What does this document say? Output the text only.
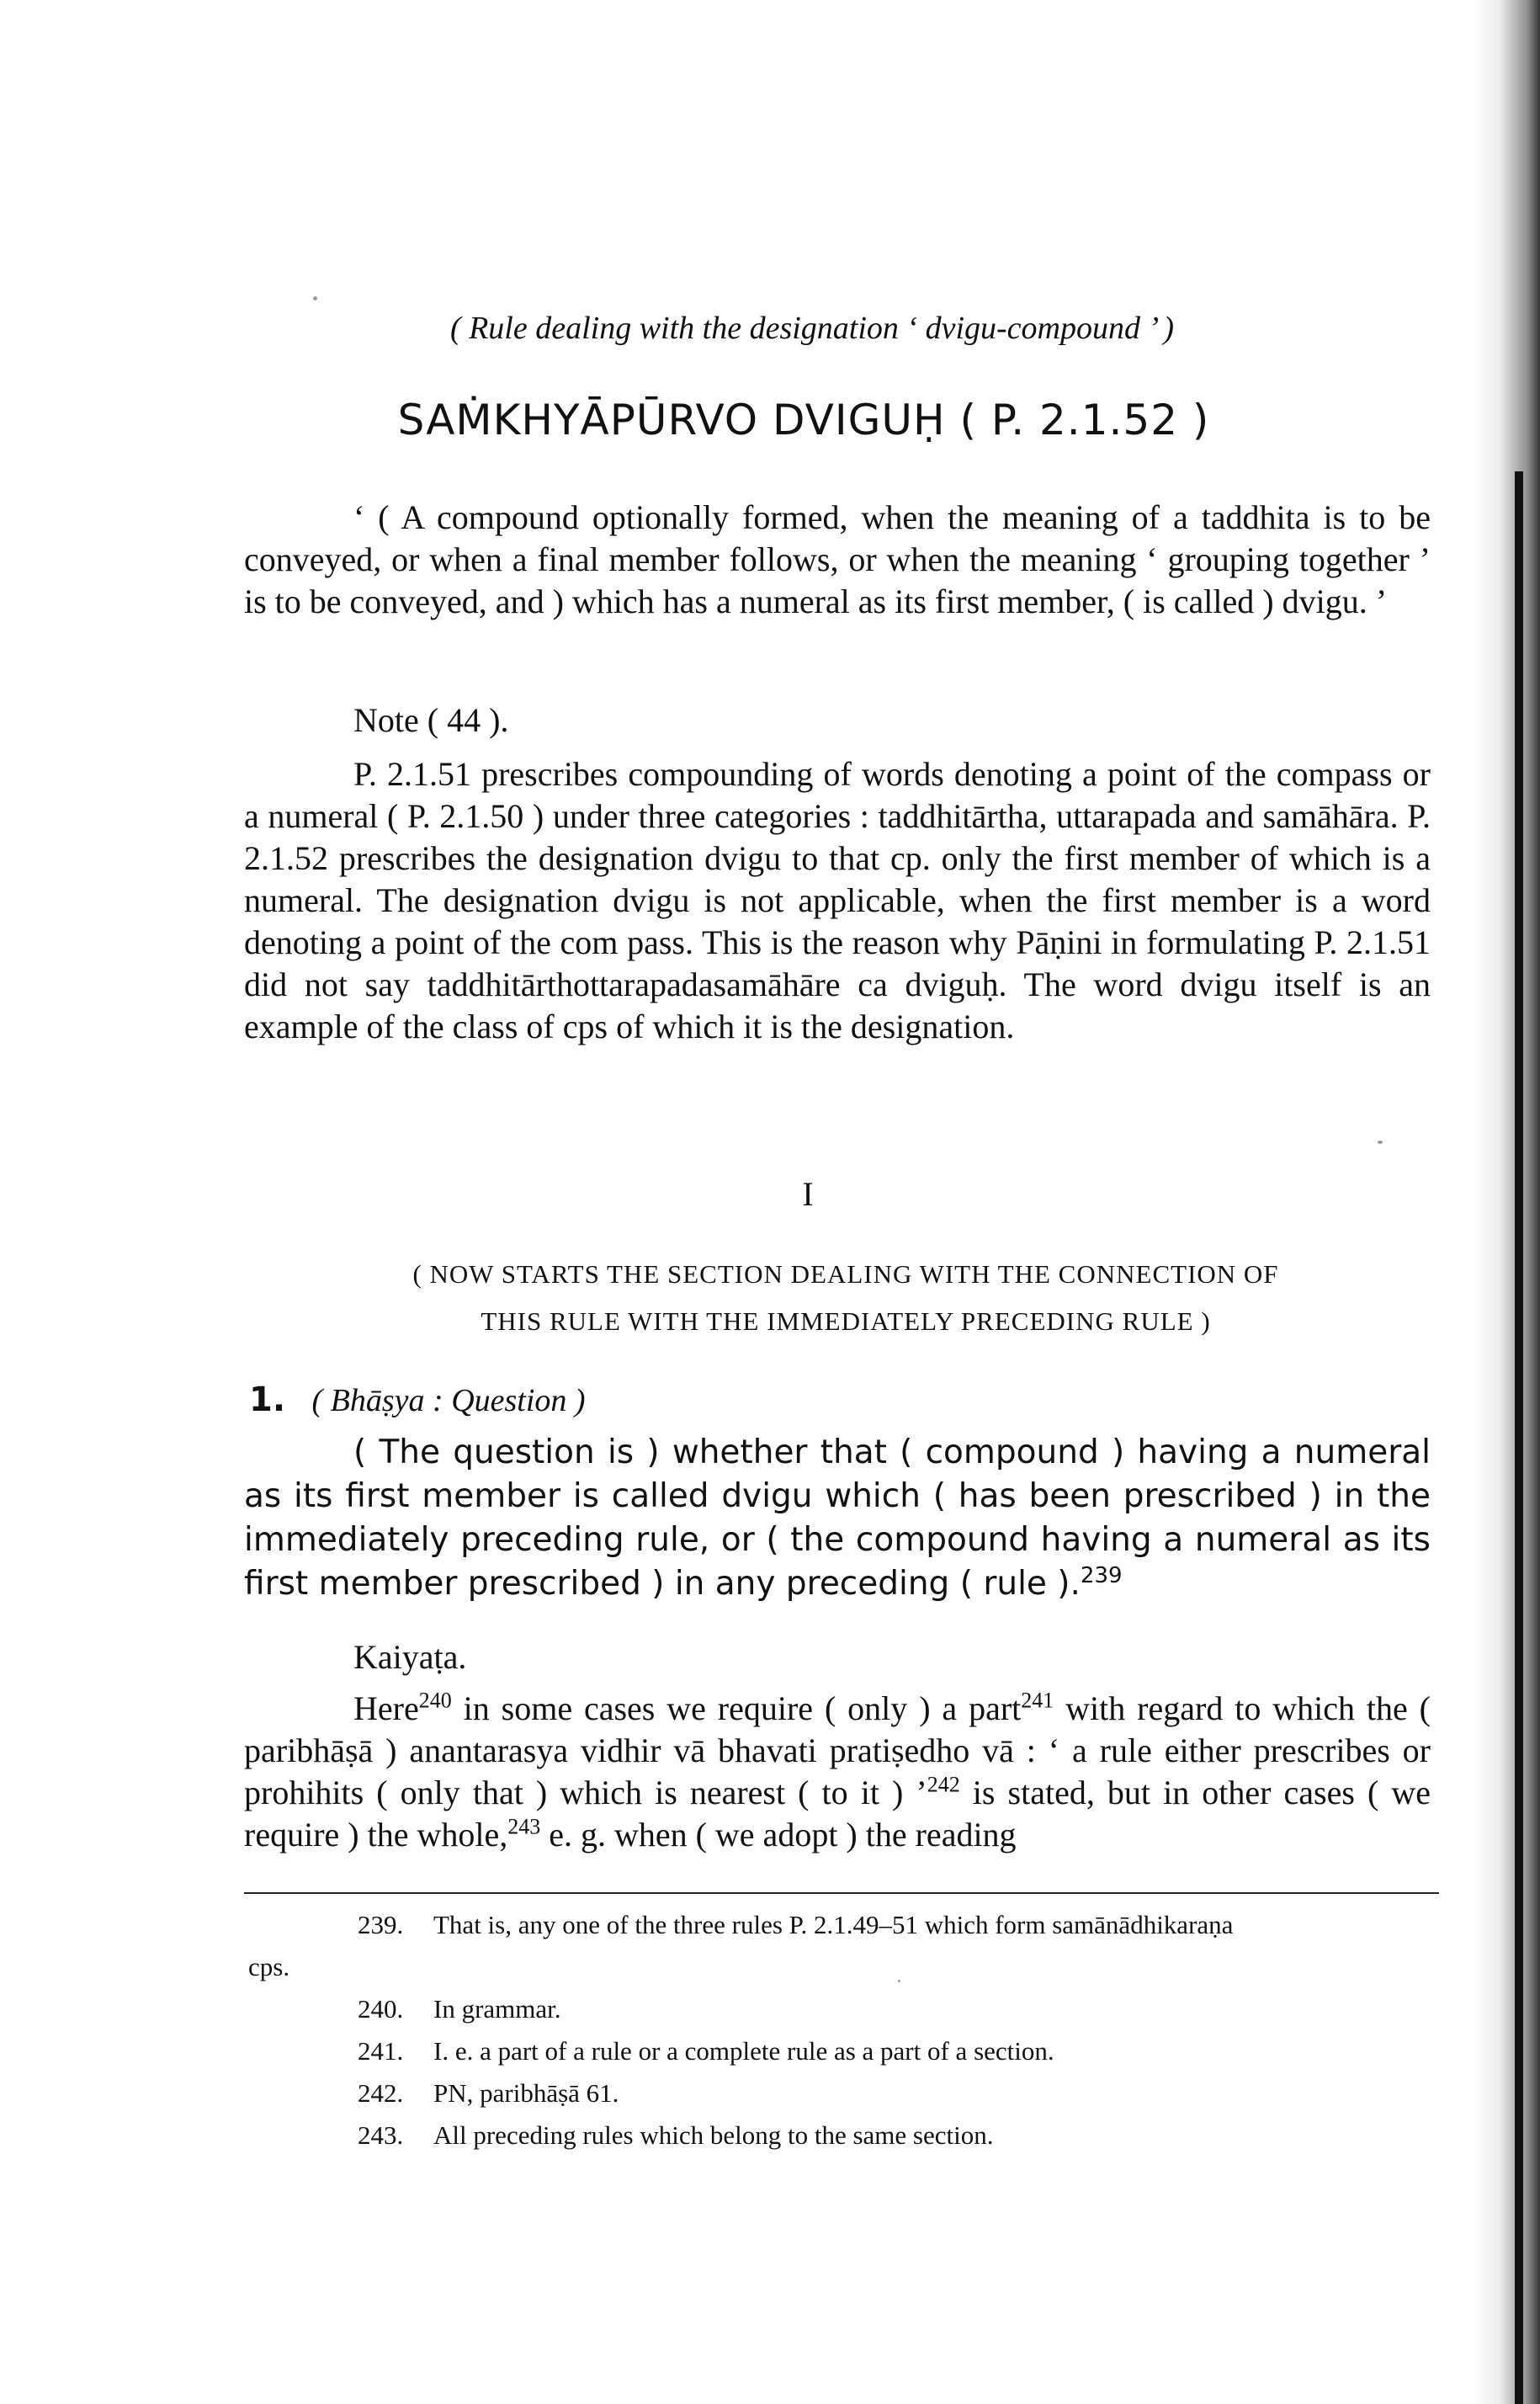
( Rule dealing with the designation ‘ dvigu-compound ’ )
SAṀKHYĀPŪRVO DVIGUḤ ( P. 2.1.52 )
‘ ( A compound optionally formed, when the meaning of a taddhita is to be conveyed, or when a final member follows, or when the meaning ‘ grouping together ’ is to be conveyed, and ) which has a numeral as its first member, ( is called ) dvigu. ’
Note ( 44 ).
P. 2.1.51 prescribes compounding of words denoting a point of the compass or a numeral ( P. 2.1.50 ) under three categories : taddhitārtha, uttarapada and samāhāra. P. 2.1.52 prescribes the designation dvigu to that cp. only the first member of which is a numeral. The designation dvigu is not applicable, when the first member is a word denoting a point of the com pass. This is the reason why Pāṇini in formulating P. 2.1.51 did not say taddhitārthottarapadasamāhāre ca dviguḥ. The word dvigu itself is an example of the class of cps of which it is the designation.
I
( NOW STARTS THE SECTION DEALING WITH THE CONNECTION OF
THIS RULE WITH THE IMMEDIATELY PRECEDING RULE )
1. ( Bhāṣya : Question )
( The question is ) whether that ( compound ) having a numeral as its first member is called dvigu which ( has been prescribed ) in the immediately preceding rule, or ( the compound having a numeral as its first member prescribed ) in any preceding ( rule ).$^{239}$
Kaiyaṭa.
Here$^{240}$ in some cases we require ( only ) a part$^{241}$ with regard to which the ( paribhāṣā ) anantarasya vidhir vā bhavati pratiṣedho vā : ‘ a rule either prescribes or prohihits ( only that ) which is nearest ( to it ) ’$^{242}$ is stated, but in other cases ( we require ) the whole,$^{243}$ e. g. when ( we adopt ) the reading
239. That is, any one of the three rules P. 2.1.49–51 which form samānādhikaraṇa
cps.
240. In grammar.
241. I. e. a part of a rule or a complete rule as a part of a section.
242. PN, paribhāṣā 61.
243. All preceding rules which belong to the same section.
